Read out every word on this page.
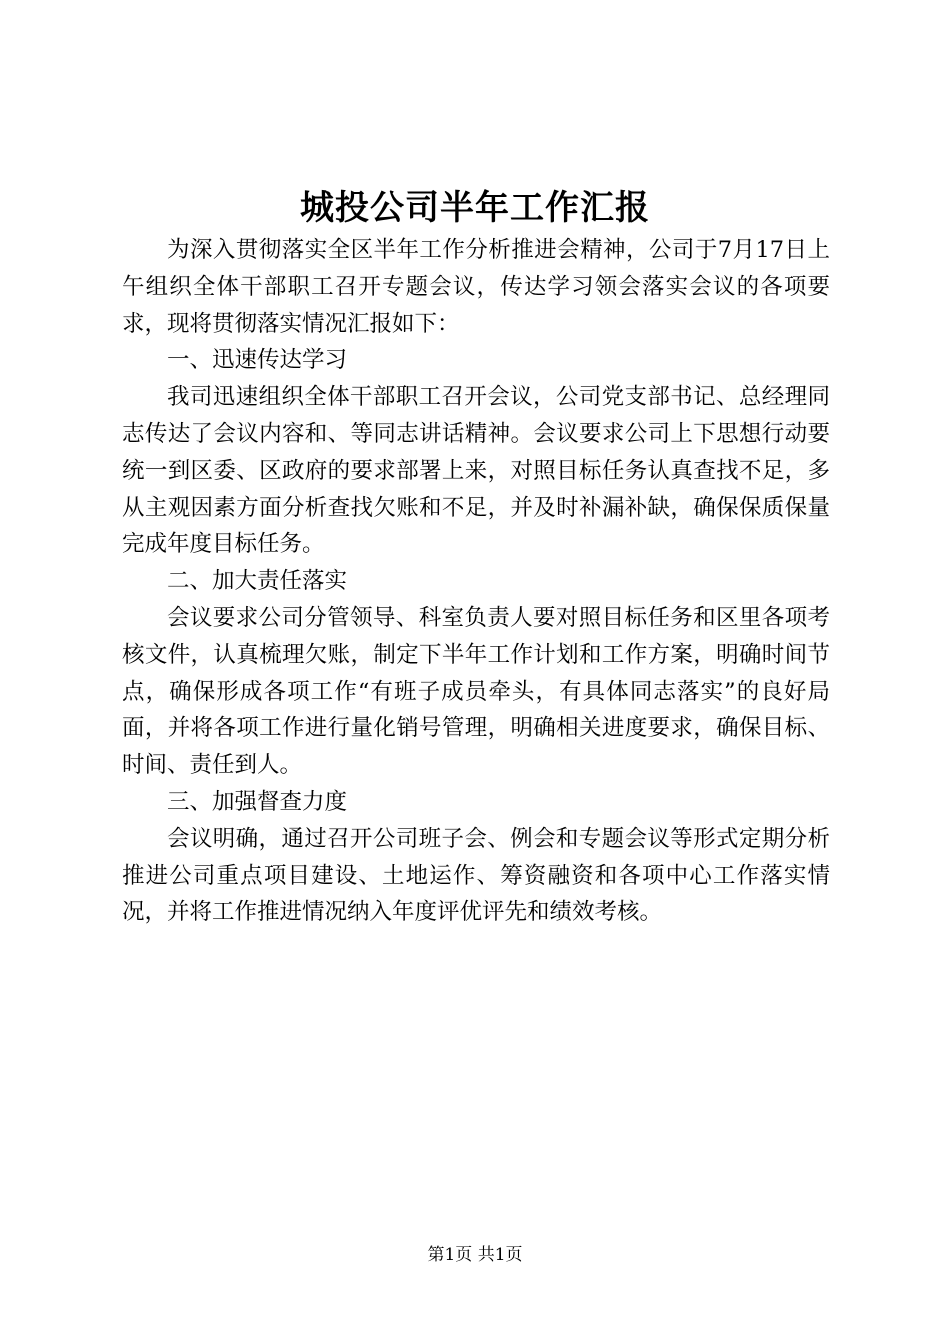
城投公司半年工作汇报

为深入贯彻落实全区半年工作分析推进会精神，公司于7月17日上午组织全体干部职工召开专题会议，传达学习领会落实会议的各项要求，现将贯彻落实情况汇报如下：

一、迅速传达学习

我司迅速组织全体干部职工召开会议，公司党支部书记、总经理同志传达了会议内容和、等同志讲话精神。会议要求公司上下思想行动要统一到区委、区政府的要求部署上来，对照目标任务认真查找不足，多从主观因素方面分析查找欠账和不足，并及时补漏补缺，确保保质保量完成年度目标任务。

二、加大责任落实

会议要求公司分管领导、科室负责人要对照目标任务和区里各项考核文件，认真梳理欠账，制定下半年工作计划和工作方案，明确时间节点，确保形成各项工作“有班子成员牵头，有具体同志落实”的良好局面，并将各项工作进行量化销号管理，明确相关进度要求，确保目标、时间、责任到人。

三、加强督查力度

会议明确，通过召开公司班子会、例会和专题会议等形式定期分析推进公司重点项目建设、土地运作、筹资融资和各项中心工作落实情况，并将工作推进情况纳入年度评优评先和绩效考核。

第1页 共1页
